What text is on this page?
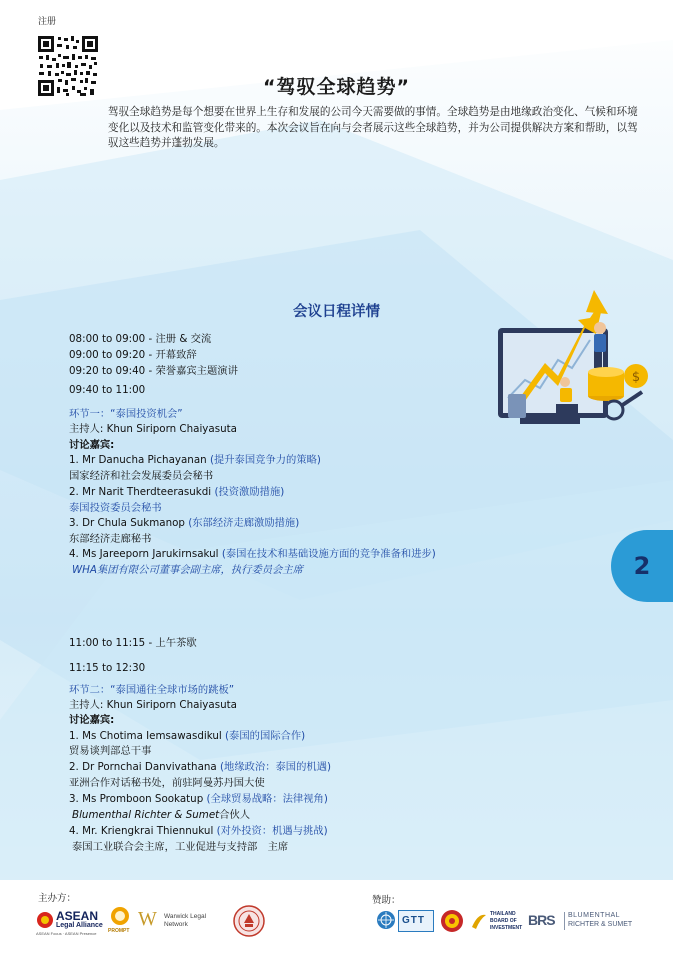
注册
“驾驭全球趋势”
驾驭全球趋势是每个想要在世界上生存和发展的公司今天需要做的事情。全球趋势是由地缘政治变化、气候和环境变化以及技术和监管变化带来的。本次会议旨在向与会者展示这些全球趋势，并为公司提供解决方案和帮助，以驾驭这些趋势并蓬勃发展。
会议日程详情
08:00 to 09:00 - 注册 & 交流
09:00 to 09:20 - 开幕致辞
09:20 to 09:40 - 荣誉嘉宾主题演讲
09:40 to 11:00
环节一：“泰国投资机会”
主持人: Khun Siriporn Chaiyasuta
讨论嘉宾:
1. Mr Danucha Pichayanan (提升泰国竞争力的策略)
国家经济和社会发展委员会秘书
2. Mr Narit Therdteerasukdi (投资激励措施)
泰国投资委员会秘书
3. Dr Chula Sukmanop (东部经济走廊激励措施)
东部经济走廊秘书
4. Ms Jareeporn Jarukirnsakul (泰国在技术和基础设施方面的竞争准备和进步)
WHA集团有限公司董事会副主席，执行委员会主席
11:00 to 11:15 - 上午茶歇
11:15 to 12:30
环节二：“泰国通往全球市场的跳板”
主持人: Khun Siriporn Chaiyasuta
讨论嘉宾:
1. Ms Chotima Iemsawasdikul (泰国的国际合作)
贸易谈判部总干事
2. Dr Pornchai Danvivathana (地缘政治：泰国的机遇)
亚洲合作对话秘书处，前驻阿曼苏丹国大使
3. Ms Promboon Sookatup (全球贸易战略：法律视角)
Blumenthal Richter & Sumet合伙人
4. Mr. Kriengkrai Thiennukul (对外投资：机遇与挑战)
泰国工业联合会主席，工业促进与支持部　主席
$
2
主办方：	赞助：
ASEAN
Legal Alliance
ASEAN Focus · ASEAN Presence PROMPT
W Warwick Legal
Network	GTT
THAILAND
BOARD OF
INVESTMENT BRS BLUMENTHAL
RICHTER & SUMET
